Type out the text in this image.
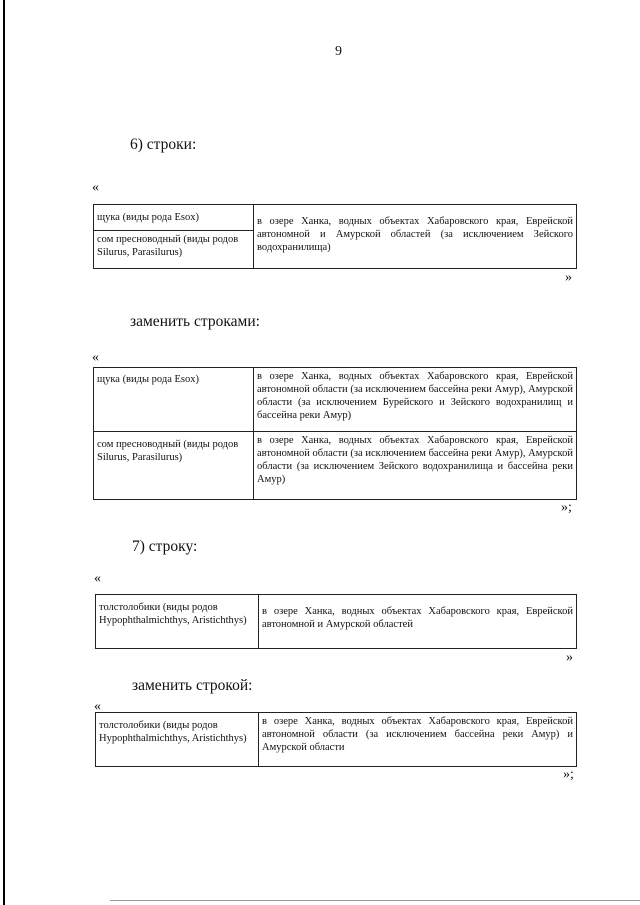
9
6) строки:
«
щука (виды рода Esox)	в озере Ханка, водных объектах Хабаровского края, Еврейской автономной и Амурской областей (за исключением Зейского водохранилища)
сом пресноводный (виды родов Silurus, Parasilurus)
»
заменить строками:
«
щука (виды рода Esox)	в озере Ханка, водных объектах Хабаровского края, Еврейской автономной области (за исключением бассейна реки Амур), Амурской области (за исключением Бурейского и Зейского водохранилищ и бассейна реки Амур)
сом пресноводный (виды родов Silurus, Parasilurus)	в озере Ханка, водных объектах Хабаровского края, Еврейской автономной области (за исключением бассейна реки Амур), Амурской области (за исключением Зейского водохранилища и бассейна реки Амур)
»;
7) строку:
«
толстолобики (виды родов Hypophthalmichthys, Aristichthys)	в озере Ханка, водных объектах Хабаровского края, Еврейской автономной и Амурской областей
»
заменить строкой:
«
толстолобики (виды родов Hypophthalmichthys, Aristichthys)	в озере Ханка, водных объектах Хабаровского края, Еврейской автономной области (за исключением бассейна реки Амур) и Амурской области
»;
